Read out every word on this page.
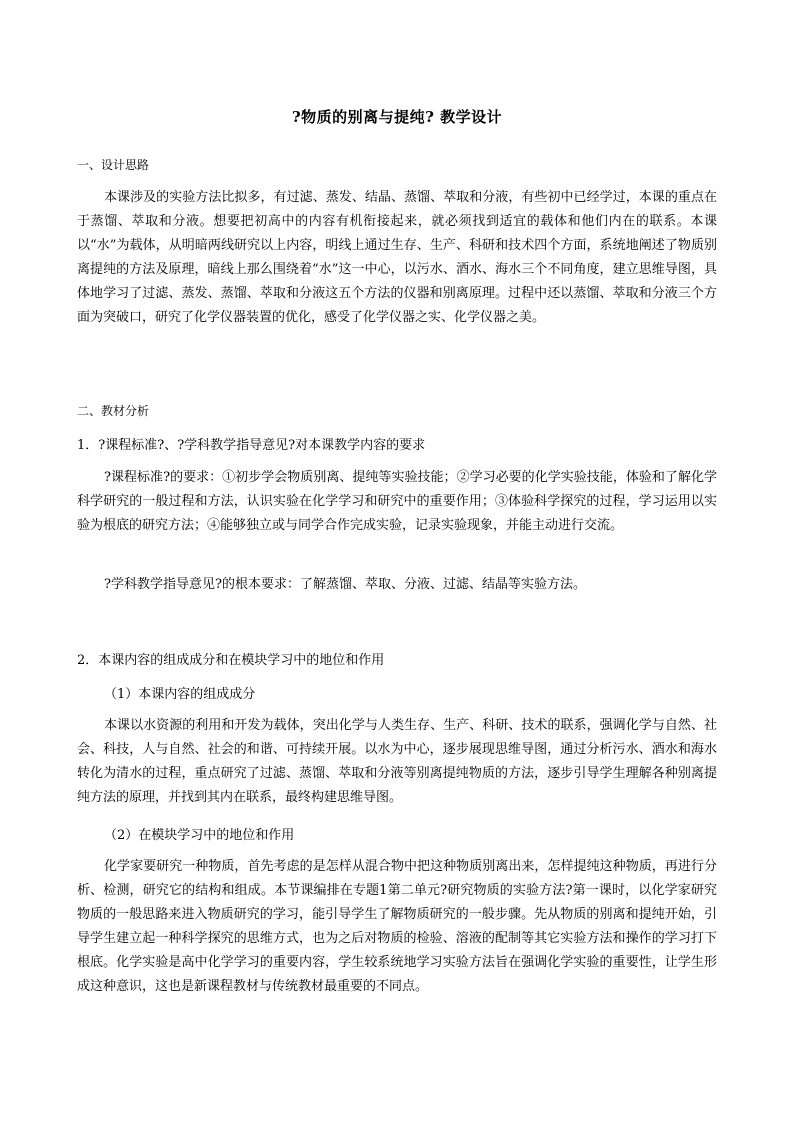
?物质的别离与提纯? 教学设计
一、设计思路

本课涉及的实验方法比拟多，有过滤、蒸发、结晶、蒸馏、萃取和分液，有些初中已经学过，本课的重点在于蒸馏、萃取和分液。想要把初高中的内容有机衔接起来，就必须找到适宜的载体和他们内在的联系。本课以“水”为载体，从明暗两线研究以上内容，明线上通过生存、生产、科研和技术四个方面，系统地阐述了物质别离提纯的方法及原理，暗线上那么围绕着“水”这一中心，以污水、酒水、海水三个不同角度，建立思维导图，具体地学习了过滤、蒸发、蒸馏、萃取和分液这五个方法的仪器和别离原理。过程中还以蒸馏、萃取和分液三个方面为突破口，研究了化学仪器装置的优化，感受了化学仪器之实、化学仪器之美。

二、教材分析
1．?课程标准?、?学科教学指导意见?对本课教学内容的要求

?课程标准?的要求：①初步学会物质别离、提纯等实验技能；②学习必要的化学实验技能，体验和了解化学科学研究的一般过程和方法，认识实验在化学学习和研究中的重要作用；③体验科学探究的过程，学习运用以实验为根底的研究方法；④能够独立或与同学合作完成实验，记录实验现象，并能主动进行交流。

?学科教学指导意见?的根本要求：了解蒸馏、萃取、分液、过滤、结晶等实验方法。

2．本课内容的组成成分和在模块学习中的地位和作用
（1）本课内容的组成成分

本课以水资源的利用和开发为载体，突出化学与人类生存、生产、科研、技术的联系，强调化学与自然、社会、科技，人与自然、社会的和谐、可持续开展。以水为中心，逐步展现思维导图，通过分析污水、酒水和海水转化为清水的过程，重点研究了过滤、蒸馏、萃取和分液等别离提纯物质的方法，逐步引导学生理解各种别离提纯方法的原理，并找到其内在联系，最终构建思维导图。

（2）在模块学习中的地位和作用

化学家要研究一种物质，首先考虑的是怎样从混合物中把这种物质别离出来，怎样提纯这种物质，再进行分析、检测，研究它的结构和组成。本节课编排在专题1第二单元?研究物质的实验方法?第一课时，以化学家研究物质的一般思路来进入物质研究的学习，能引导学生了解物质研究的一般步骤。先从物质的别离和提纯开始，引导学生建立起一种科学探究的思维方式，也为之后对物质的检验、溶液的配制等其它实验方法和操作的学习打下根底。化学实验是高中化学学习的重要内容，学生较系统地学习实验方法旨在强调化学实验的重要性，让学生形成这种意识，这也是新课程教材与传统教材最重要的不同点。
